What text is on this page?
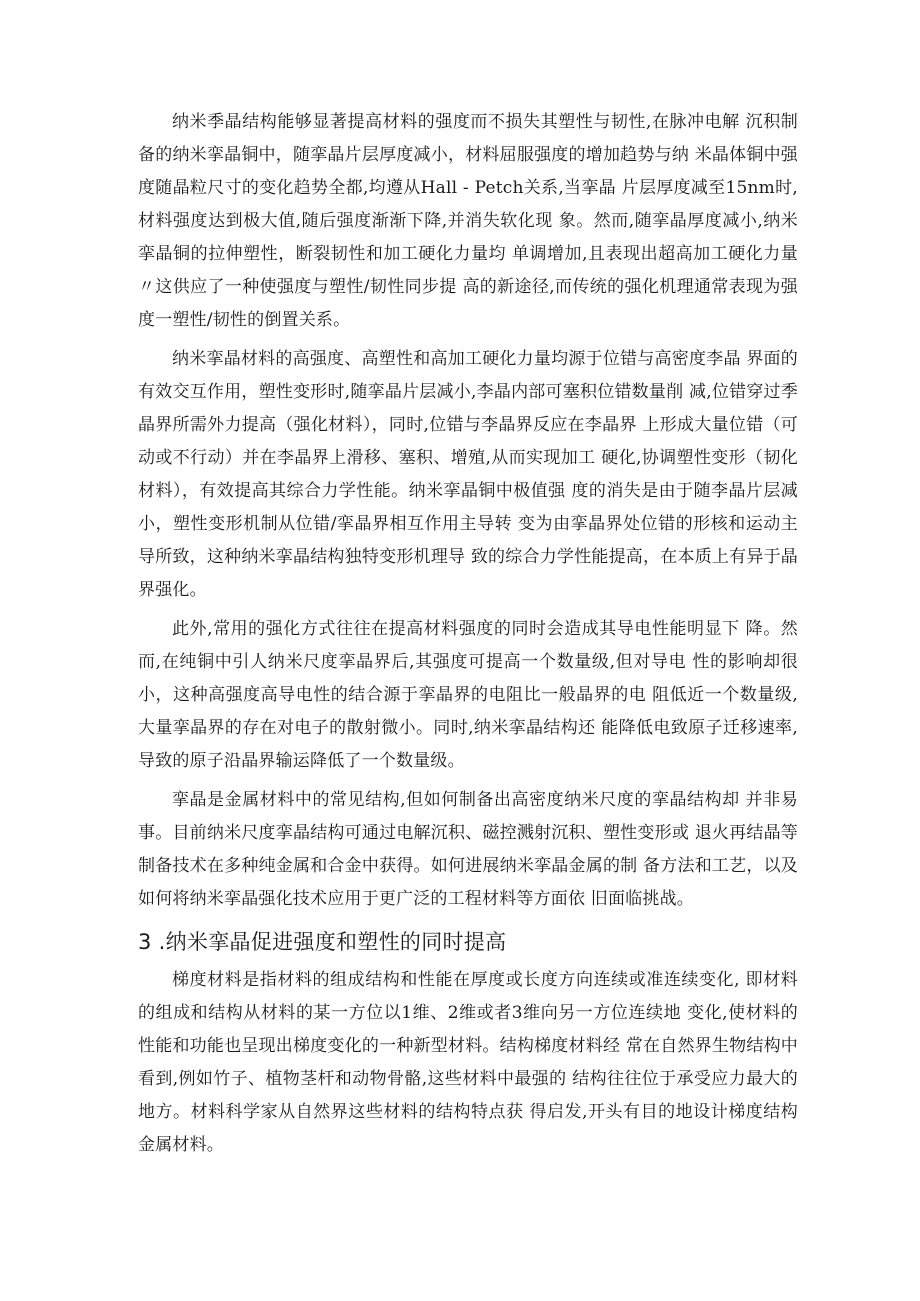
纳米季晶结构能够显著提高材料的强度而不损失其塑性与韧性,在脉冲电解 沉积制备的纳米挛晶铜中，随挛晶片层厚度减小，材料屈服强度的增加趋势与纳 米晶体铜中强度随晶粒尺寸的变化趋势全都,均遵从Hall - Petch关系,当挛晶 片层厚度减至15nm时,材料强度达到极大值,随后强度渐渐下降,并消失软化现 象。然而,随挛晶厚度减小,纳米挛晶铜的拉伸塑性，断裂韧性和加工硬化力量均 单调增加,且表现出超高加工硬化力量〃这供应了一种使强度与塑性/韧性同步提 高的新途径,而传统的强化机理通常表现为强度一塑性/韧性的倒置关系。

纳米挛晶材料的高强度、高塑性和高加工硬化力量均源于位错与高密度李晶 界面的有效交互作用，塑性变形时,随挛晶片层减小,李晶内部可塞积位错数量削 减,位错穿过季晶界所需外力提高（强化材料），同时,位错与李晶界反应在李晶界 上形成大量位错（可动或不行动）并在李晶界上滑移、塞积、增殖,从而实现加工 硬化,协调塑性变形（韧化材料），有效提高其综合力学性能。纳米挛晶铜中极值强 度的消失是由于随李晶片层减小，塑性变形机制从位错/挛晶界相互作用主导转 变为由挛晶界处位错的形核和运动主导所致，这种纳米挛晶结构独特变形机理导 致的综合力学性能提高，在本质上有异于晶界强化。

此外,常用的强化方式往往在提高材料强度的同时会造成其导电性能明显下 降。然而,在纯铜中引人纳米尺度挛晶界后,其强度可提高一个数量级,但对导电 性的影响却很小，这种高强度高导电性的结合源于挛晶界的电阻比一般晶界的电 阻低近一个数量级,大量挛晶界的存在对电子的散射微小。同时,纳米挛晶结构还 能降低电致原子迁移速率,导致的原子沿晶界输运降低了一个数量级。

挛晶是金属材料中的常见结构,但如何制备出高密度纳米尺度的挛晶结构却 并非易事。目前纳米尺度挛晶结构可通过电解沉积、磁控溅射沉积、塑性变形或 退火再结晶等制备技术在多种纯金属和合金中获得。如何进展纳米挛晶金属的制 备方法和工艺，以及如何将纳米挛晶强化技术应用于更广泛的工程材料等方面依 旧面临挑战。

3 .纳米挛晶促进强度和塑性的同时提高

梯度材料是指材料的组成结构和性能在厚度或长度方向连续或准连续变化, 即材料的组成和结构从材料的某一方位以1维、2维或者3维向另一方位连续地 变化,使材料的性能和功能也呈现出梯度变化的一种新型材料。结构梯度材料经 常在自然界生物结构中看到,例如竹子、植物茎杆和动物骨骼,这些材料中最强的 结构往往位于承受应力最大的地方。材料科学家从自然界这些材料的结构特点获 得启发,开头有目的地设计梯度结构金属材料。
